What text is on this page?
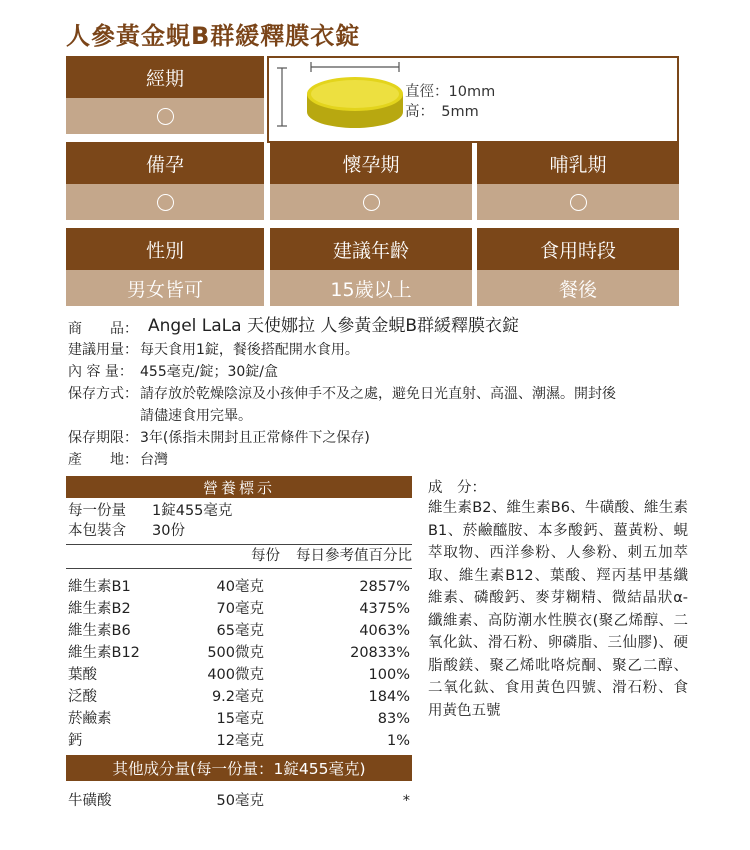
人參黃金蜆B群緩釋膜衣錠
經期
直徑：10mm
高：　5mm
備孕	懷孕期	哺乳期
性別	建議年齡	食用時段
男女皆可	15歲以上	餐後
商　　品： Angel LaLa 天使娜拉 人參黃金蜆B群緩釋膜衣錠
建議用量： 每天食用1錠，餐後搭配開水食用。
內 容 量： 455毫克/錠；30錠/盒
保存方式： 請存放於乾燥陰涼及小孩伸手不及之處，避免日光直射、高溫、潮濕。開封後
請儘速食用完畢。
保存期限： 3年(係指未開封且正常條件下之保存)
產　　地： 台灣
營養標示
每一份量 1錠455毫克
本包裝含 30份
每份	每日參考值百分比
維生素B1	40毫克	2857%
維生素B2	70毫克	4375%
維生素B6	65毫克	4063%
維生素B12	500微克	20833%
葉酸	400微克	100%
泛酸	9.2毫克	184%
菸鹼素	15毫克	83%
鈣	12毫克	1%
其他成分量(每一份量：1錠455毫克)
牛磺酸	50毫克	*
成　分：
維生素B2、維生素B6、牛磺酸、維生素B1、菸鹼醯胺、本多酸鈣、薑黃粉、蜆萃取物、西洋參粉、人參粉、刺五加萃取、維生素B12、葉酸、羥丙基甲基纖維素、磷酸鈣、麥芽糊精、微結晶狀α-纖維素、高防潮水性膜衣(聚乙烯醇、二氧化鈦、滑石粉、卵磷脂、三仙膠)、硬脂酸鎂、聚乙烯吡咯烷酮、聚乙二醇、二氧化鈦、食用黃色四號、滑石粉、食用黃色五號
